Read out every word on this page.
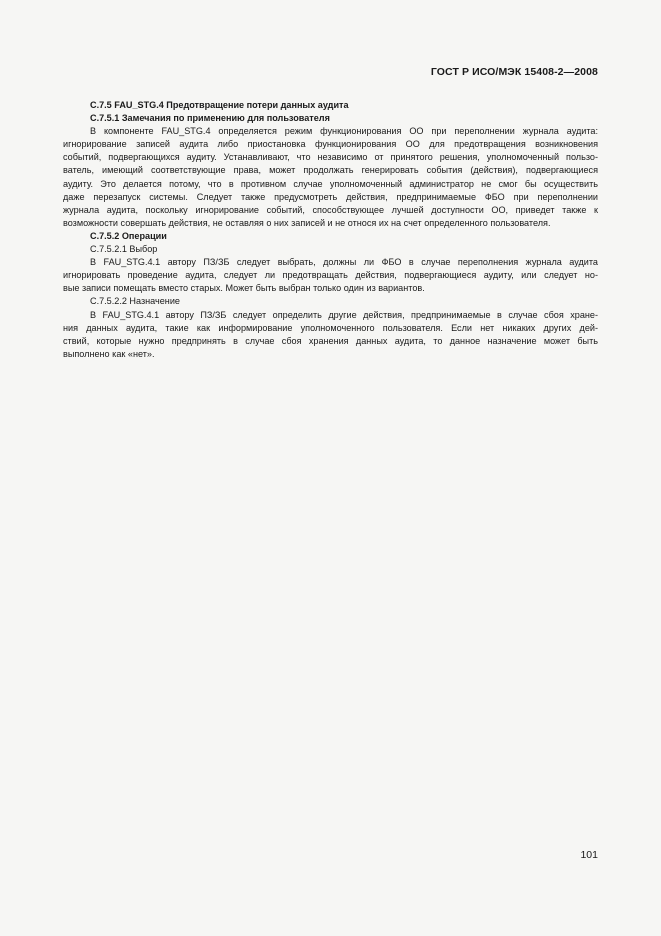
ГОСТ Р ИСО/МЭК 15408-2—2008

C.7.5 FAU_STG.4 Предотвращение потери данных аудита

C.7.5.1 Замечания по применению для пользователя

В компоненте FAU_STG.4 определяется режим функционирования ОО при переполнении журнала аудита:
игнорирование записей аудита либо приостановка функционирования ОО для предотвращения возникновения
событий, подвергающихся аудиту. Устанавливают, что независимо от принятого решения, уполномоченный пользо-
ватель, имеющий соответствующие права, может продолжать генерировать события (действия), подвергающиеся
аудиту. Это делается потому, что в противном случае уполномоченный администратор не смог бы осуществить
даже перезапуск системы. Следует также предусмотреть действия, предпринимаемые ФБО при переполнении
журнала аудита, поскольку игнорирование событий, способствующее лучшей доступности ОО, приведет также к
возможности совершать действия, не оставляя о них записей и не относя их на счет определенного пользователя.

C.7.5.2 Операции

C.7.5.2.1 Выбор

В FAU_STG.4.1 автору ПЗ/ЗБ следует выбрать, должны ли ФБО в случае переполнения журнала аудита
игнорировать проведение аудита, следует ли предотвращать действия, подвергающиеся аудиту, или следует но-
вые записи помещать вместо старых. Может быть выбран только один из вариантов.

C.7.5.2.2 Назначение

В FAU_STG.4.1 автору ПЗ/ЗБ следует определить другие действия, предпринимаемые в случае сбоя хране-
ния данных аудита, такие как информирование уполномоченного пользователя. Если нет никаких других дей-
ствий, которые нужно предпринять в случае сбоя хранения данных аудита, то данное назначение может быть
выполнено как «нет».

101
